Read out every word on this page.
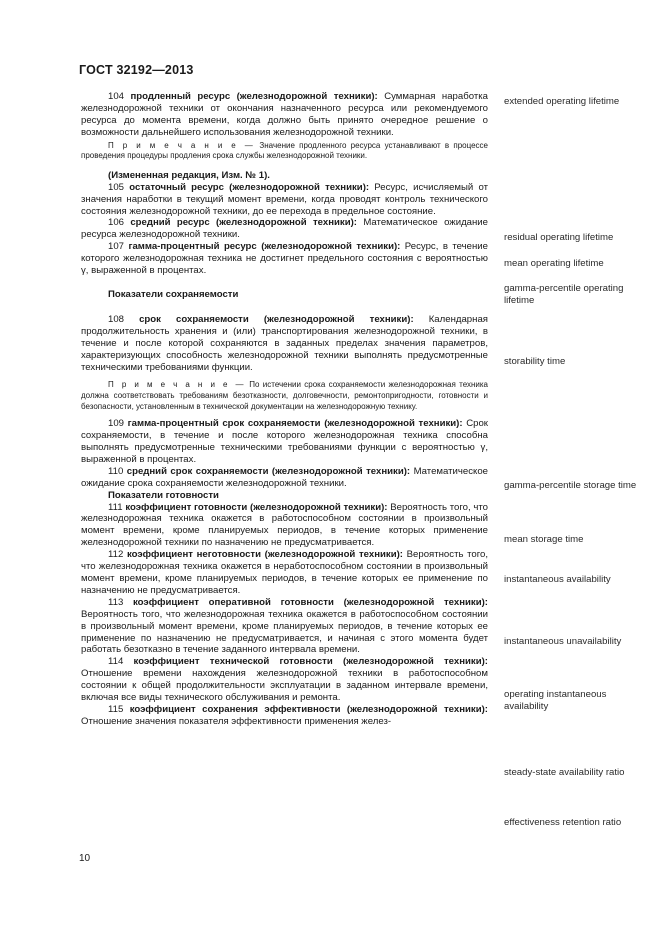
ГОСТ 32192—2013

104 продленный ресурс (железнодорожной техники): Суммарная наработка железнодорожной техники от окончания назначенного ресурса или рекомендуемого ресурса до момента времени, когда должно быть принято очередное решение о возможности дальнейшего использования железнодорожной техники.

П р и м е ч а н и е — Значение продленного ресурса устанавливают в процессе проведения процедуры продления срока службы железнодорожной техники.

(Измененная редакция, Изм. № 1).

105 остаточный ресурс (железнодорожной техники): Ресурс, исчисляемый от значения наработки в текущий момент времени, когда проводят контроль технического состояния железнодорожной техники, до ее перехода в предельное состояние.

106 средний ресурс (железнодорожной техники): Математическое ожидание ресурса железнодорожной техники.

107 гамма-процентный ресурс (железнодорожной техники): Ресурс, в течение которого железнодорожная техника не достигнет предельного состояния с вероятностью γ, выраженной в процентах.

Показатели сохраняемости

108 срок сохраняемости (железнодорожной техники): Календарная продолжительность хранения и (или) транспортирования железнодорожной техники, в течение и после которой сохраняются в заданных пределах значения параметров, характеризующих способность железнодорожной техники выполнять предусмотренные техническими требованиями функции.

П р и м е ч а н и е — По истечении срока сохраняемости железнодорожная техника должна соответствовать требованиям безотказности, долговечности, ремонтопригодности, готовности и безопасности, установленным в технической документации на железнодорожную технику.

109 гамма-процентный срок сохраняемости (железнодорожной техники): Срок сохраняемости, в течение и после которого железнодорожная техника способна выполнять предусмотренные техническими требованиями функции с вероятностью γ, выраженной в процентах.

110 средний срок сохраняемости (железнодорожной техники): Математическое ожидание срока сохраняемости железнодорожной техники.

Показатели готовности

111 коэффициент готовности (железнодорожной техники): Вероятность того, что железнодорожная техника окажется в работоспособном состоянии в произвольный момент времени, кроме планируемых периодов, в течение которых применение железнодорожной техники по назначению не предусматривается.

112 коэффициент неготовности (железнодорожной техники): Вероятность того, что железнодорожная техника окажется в неработоспособном состоянии в произвольный момент времени, кроме планируемых периодов, в течение которых ее применение по назначению не предусматривается.

113 коэффициент оперативной готовности (железнодорожной техники): Вероятность того, что железнодорожная техника окажется в работоспособном состоянии в произвольный момент времени, кроме планируемых периодов, в течение которых ее применение по назначению не предусматривается, и начиная с этого момента будет работать безотказно в течение заданного интервала времени.

114 коэффициент технической готовности (железнодорожной техники): Отношение времени нахождения железнодорожной техники в работоспособном состоянии к общей продолжительности эксплуатации в заданном интервале времени, включая все виды технического обслуживания и ремонта.

115 коэффициент сохранения эффективности (железнодорожной техники): Отношение значения показателя эффективности применения желез-

extended operating lifetime
residual operating lifetime
mean operating lifetime
gamma-percentile operating lifetime
storability time
gamma-percentile storage time
mean storage time
instantaneous availability
instantaneous unavailability
operating instantaneous availability
steady-state availability ratio
effectiveness retention ratio
10
